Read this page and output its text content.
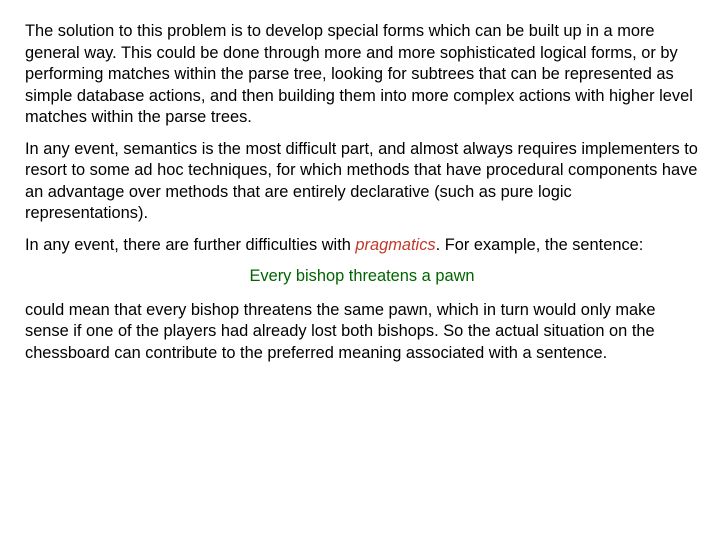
The solution to this problem is to develop special forms which can be built up in a more general way. This could be done through more and more sophisticated logical forms, or by performing matches within the parse tree, looking for subtrees that can be represented as simple database actions, and then building them into more complex actions with higher level matches within the parse trees.

In any event, semantics is the most difficult part, and almost always requires implementers to resort to some ad hoc techniques, for which methods that have procedural components have an advantage over methods that are entirely declarative (such as pure logic representations).

In any event, there are further difficulties with pragmatics. For example, the sentence:

Every bishop threatens a pawn

could mean that every bishop threatens the same pawn, which in turn would only make sense if one of the players had already lost both bishops. So the actual situation on the chessboard can contribute to the preferred meaning associated with a sentence.
